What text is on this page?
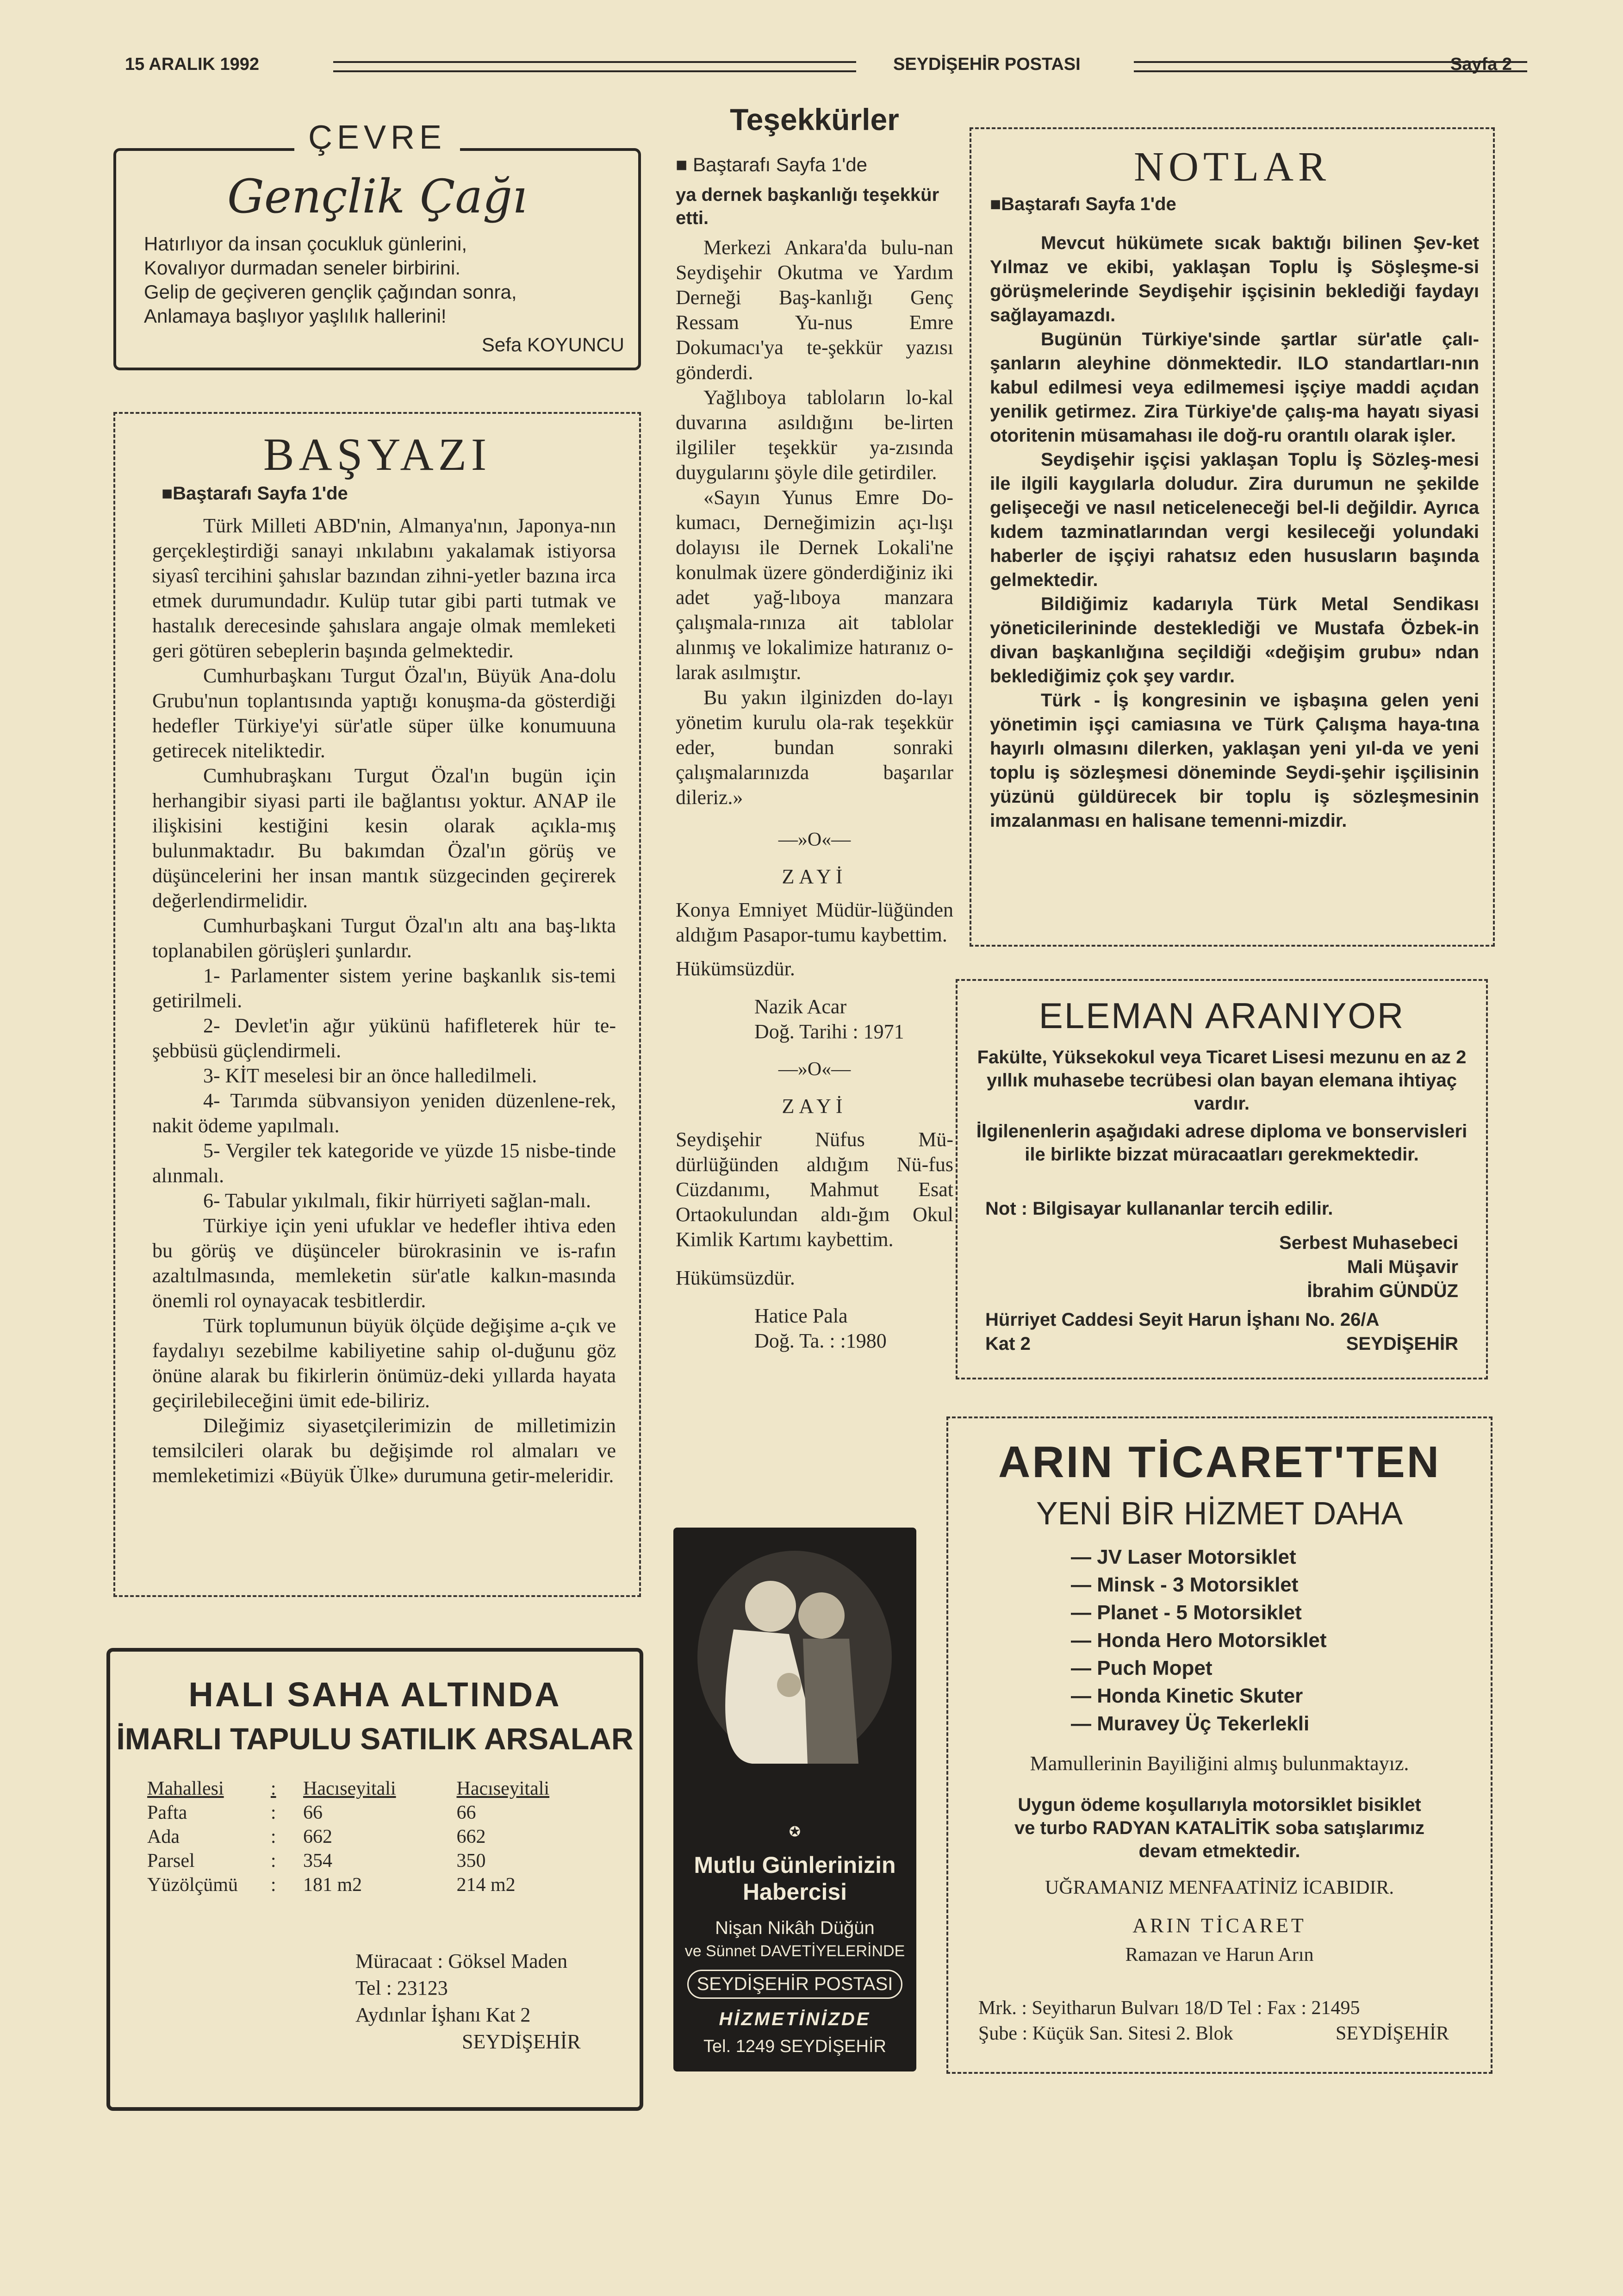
15 ARALIK 1992	SEYDİŞEHİR POSTASI	Sayfa 2
ÇEVRE
Gençlik Çağı

Hatırlıyor da insan çocukluk günlerini,

Kovalıyor durmadan seneler birbirini.

Gelip de geçiveren gençlik çağından sonra,

Anlamaya başlıyor yaşlılık hallerini!

Sefa KOYUNCU
BAŞYAZI
■Baştarafı Sayfa 1'de

Türk Milleti ABD'nin, Almanya'nın, Japonya-nın gerçekleştirdiği sanayi ınkılabını yakalamak istiyorsa siyasî tercihini şahıslar bazından zihni-yetler bazına irca etmek durumundadır. Kulüp tutar gibi parti tutmak ve hastalık derecesinde şahıslara angaje olmak memleketi geri götüren sebeplerin başında gelmektedir.

Cumhurbaşkanı Turgut Özal'ın, Büyük Ana-dolu Grubu'nun toplantısında yaptığı konuşma-da gösterdiği hedefler Türkiye'yi sür'atle süper ülke konumuuna getirecek niteliktedir.

Cumhubraşkanı Turgut Özal'ın bugün için herhangibir siyasi parti ile bağlantısı yoktur. ANAP ile ilişkisini kestiğini kesin olarak açıkla-mış bulunmaktadır. Bu bakımdan Özal'ın görüş ve düşüncelerini her insan mantık süzgecinden geçirerek değerlendirmelidir.

Cumhurbaşkani Turgut Özal'ın altı ana baş-lıkta toplanabilen görüşleri şunlardır.

1- Parlamenter sistem yerine başkanlık sis-temi getirilmeli.

2- Devlet'in ağır yükünü hafifleterek hür te-şebbüsü güçlendirmeli.

3- KİT meselesi bir an önce halledilmeli.

4- Tarımda sübvansiyon yeniden düzenlene-rek, nakit ödeme yapılmalı.

5- Vergiler tek kategoride ve yüzde 15 nisbe-tinde alınmalı.

6- Tabular yıkılmalı, fikir hürriyeti sağlan-malı.

Türkiye için yeni ufuklar ve hedefler ihtiva eden bu görüş ve düşünceler bürokrasinin ve is-rafın azaltılmasında, memleketin sür'atle kalkın-masında önemli rol oynayacak tesbitlerdir.

Türk toplumunun büyük ölçüde değişime a-çık ve faydalıyı sezebilme kabiliyetine sahip ol-duğunu göz önüne alarak bu fikirlerin önümüz-deki yıllarda hayata geçirilebileceğini ümit ede-biliriz.

Dileğimiz siyasetçilerimizin de milletimizin temsilcileri olarak bu değişimde rol almaları ve memleketimizi «Büyük Ülke» durumuna getir-meleridir.

HALI SAHA ALTINDA
İMARLI TAPULU SATILIK ARSALAR
Mahallesi	:	Hacıseyitali	Hacıseyitali
Pafta	:	66	66
Ada	:	662	662
Parsel	:	354	350
Yüzölçümü	:	181 m2	214 m2

Müracaat : Göksel Maden

Tel : 23123

Aydınlar İşhanı Kat 2

SEYDİŞEHİR

Teşekkürler
■ Baştarafı Sayfa 1'de
ya dernek başkanlığı teşekkür etti.

Merkezi Ankara'da bulu-nan Seydişehir Okutma ve Yardım Derneği Baş-kanlığı Genç Ressam Yu-nus Emre Dokumacı'ya te-şekkür yazısı gönderdi.

Yağlıboya tabloların lo-kal duvarına asıldığını be-lirten ilgililer teşekkür ya-zısında duygularını şöyle dile getirdiler.

«Sayın Yunus Emre Do-kumacı, Derneğimizin açı-lışı dolayısı ile Dernek Lokali'ne konulmak üzere gönderdiğiniz iki adet yağ-lıboya manzara çalışmala-rınıza ait tablolar alınmış ve lokalimize hatıranız o-larak asılmıştır.

Bu yakın ilginizden do-layı yönetim kurulu ola-rak teşekkür eder, bundan sonraki çalışmalarınızda başarılar dileriz.»

—»O«—
ZAYİ
Konya Emniyet Müdür-lüğünden aldığım Pasapor-tumu kaybettim.
Hükümsüzdür.

Nazik Acar

Doğ. Tarihi : 1971

—»O«—
ZAYİ
Seydişehir Nüfus Mü-dürlüğünden aldığım Nü-fus Cüzdanımı, Mahmut Esat Ortaokulundan aldı-ğım Okul Kimlik Kartımı kaybettim.
Hükümsüzdür.

Hatice Pala

Doğ. Ta. : :1980

✪

Mutlu Günlerinizin

Habercisi

Nişan Nikâh Düğün

ve Sünnet DAVETİYELERİNDE

SEYDİŞEHİR POSTASI
HİZMETİNİZDE
Tel. 1249 SEYDİŞEHİR
NOTLAR
■Baştarafı Sayfa 1'de

Mevcut hükümete sıcak baktığı bilinen Şev-ket Yılmaz ve ekibi, yaklaşan Toplu İş Söşleşme-si görüşmelerinde Seydişehir işçisinin beklediği faydayı sağlayamazdı.

Bugünün Türkiye'sinde şartlar sür'atle çalı-şanların aleyhine dönmektedir. ILO standartları-nın kabul edilmesi veya edilmemesi işçiye maddi açıdan yenilik getirmez. Zira Türkiye'de çalış-ma hayatı siyasi otoritenin müsamahası ile doğ-ru orantılı olarak işler.

Seydişehir işçisi yaklaşan Toplu İş Sözleş-mesi ile ilgili kaygılarla doludur. Zira durumun ne şekilde gelişeceği ve nasıl neticeleneceği bel-li değildir. Ayrıca kıdem tazminatlarından vergi kesileceği yolundaki haberler de işçiyi rahatsız eden hususların başında gelmektedir.

Bildiğimiz kadarıyla Türk Metal Sendikası yöneticilerininde desteklediği ve Mustafa Özbek-in divan başkanlığına seçildiği «değişim grubu» ndan beklediğimiz çok şey vardır.

Türk - İş kongresinin ve işbaşına gelen yeni yönetimin işçi camiasına ve Türk Çalışma haya-tına hayırlı olmasını dilerken, yaklaşan yeni yıl-da ve yeni toplu iş sözleşmesi döneminde Seydi-şehir işçilisinin yüzünü güldürecek bir toplu iş sözleşmesinin imzalanması en halisane temenni-mizdir.

ELEMAN ARANIYOR
Fakülte, Yüksekokul veya Ticaret Lisesi mezunu en az 2 yıllık muhasebe tecrübesi olan bayan elemana ihtiyaç vardır.
İlgilenenlerin aşağıdaki adrese diploma ve bonservisleri ile birlikte bizzat müracaatları gerekmektedir.
Not : Bilgisayar kullananlar tercih edilir.

Serbest Muhasebeci

Mali Müşavir

İbrahim GÜNDÜZ

Hürriyet Caddesi Seyit Harun İşhanı No. 26/A
Kat 2	SEYDİŞEHİR
ARIN TİCARET'TEN
YENİ BİR HİZMET DAHA

— JV Laser Motorsiklet

— Minsk - 3 Motorsiklet

— Planet - 5 Motorsiklet

— Honda Hero Motorsiklet

— Puch Mopet

— Honda Kinetic Skuter

— Muravey Üç Tekerlekli

Mamullerinin Bayiliğini almış bulunmaktayız.
Uygun ödeme koşullarıyla motorsiklet bisiklet ve turbo RADYAN KATALİTİK soba satışlarımız devam etmektedir.
UĞRAMANIZ MENFAATİNİZ İCABIDIR.
ARIN TİCARET
Ramazan ve Harun Arın
Mrk. : Seyitharun Bulvarı 18/D Tel : Fax : 21495
Şube : Küçük San. Sitesi 2. Blok	SEYDİŞEHİR
